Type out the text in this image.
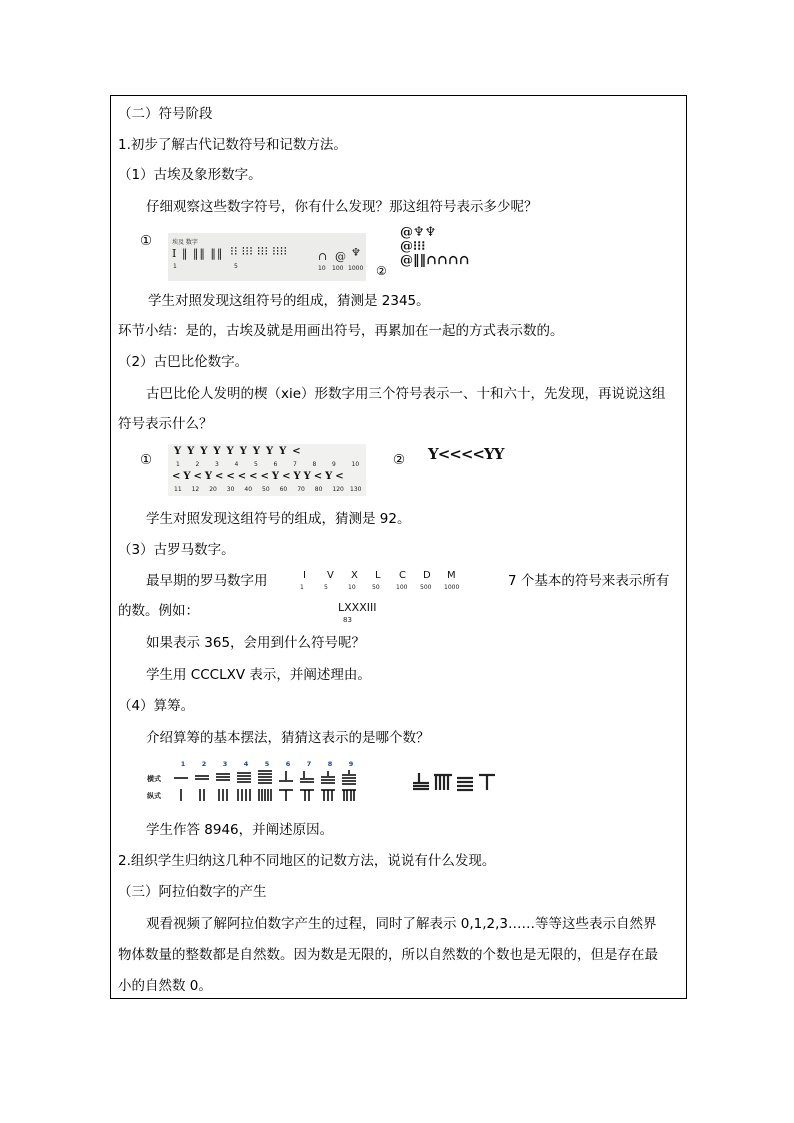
（二）符号阶段
1.初步了解古代记数符号和记数方法。
（1）古埃及象形数字。
仔细观察这些数字符号，你有什么发现？那这组符号表示多少呢？
①	埃及 数字
Ⅰ ‖ ‖‖ ‖‖ ⁝⁝ ⁝⁝⁝ ⁝⁝⁝ ⁝⁝⁝⁝
1	5
∩ @ ♆
10 100 1000 ②
@♆♆
@⁝⁝⁝
@‖‖∩∩∩∩
学生对照发现这组符号的组成，猜测是 2345。
环节小结：是的，古埃及就是用画出符号，再累加在一起的方式表示数的。
（2）古巴比伦数字。
古巴比伦人发明的楔（xie）形数字用三个符号表示一、十和六十，先发现，再说说这组
符号表示什么？
①
ΥΥΥΥΥΥΥΥΥ<
<Υ<Υ<<<<<Υ<ΥΥ<Υ<
1	2	3	4	5	6	7	8	9	10
11 12 20 30 40 50 60 70 80 120 130
② Υ<<<<ΥΥ
学生对照发现这组符号的组成，猜测是 92。
（3）古罗马数字。
最早期的罗马数字用	7 个基本的符号来表示所有
的数。例如：	LXXXIII
83
如果表示 365，会用到什么符号呢？
学生用 CCCLXV 表示，并阐述理由。
（4）算筹。
介绍算筹的基本摆法，猜猜这表示的是哪个数？
横式
纵式
1	2	3	4	5	6	7	8	9
学生作答 8946，并阐述原因。
2.组织学生归纳这几种不同地区的记数方法，说说有什么发现。
（三）阿拉伯数字的产生
观看视频了解阿拉伯数字产生的过程，同时了解表示 0,1,2,3……等等这些表示自然界
物体数量的整数都是自然数。因为数是无限的，所以自然数的个数也是无限的，但是存在最
小的自然数 0。
I
1
V
5
X
10
L
50
C
100
D
500
M
1000
